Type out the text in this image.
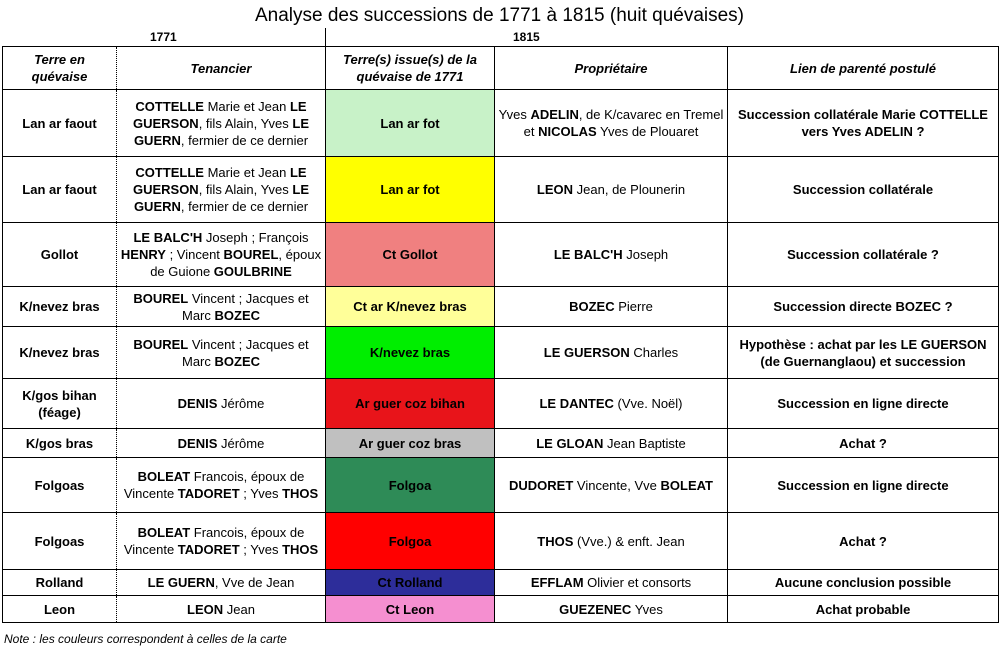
Analyse des successions de 1771 à 1815 (huit quévaises)
1771	1815
Terre en quévaise	Tenancier	Terre(s) issue(s) de la quévaise de 1771	Propriétaire	Lien de parenté postulé
Lan ar faout	COTTELLE Marie et Jean LE GUERSON, fils Alain, Yves LE GUERN, fermier de ce dernier	Lan ar fot	Yves ADELIN, de K/cavarec en Tremel et NICOLAS Yves de Plouaret	Succession collatérale Marie COTTELLE vers Yves ADELIN ?
Lan ar faout	COTTELLE Marie et Jean LE GUERSON, fils Alain, Yves LE GUERN, fermier de ce dernier	Lan ar fot	LEON Jean, de Plounerin	Succession collatérale
Gollot	LE BALC'H Joseph ; François HENRY ; Vincent BOUREL, époux de Guione GOULBRINE	Ct Gollot	LE BALC'H Joseph	Succession collatérale ?
K/nevez bras	BOUREL Vincent ; Jacques et Marc BOZEC	Ct ar K/nevez bras	BOZEC Pierre	Succession directe BOZEC ?
K/nevez bras	BOUREL Vincent ; Jacques et Marc BOZEC	K/nevez bras	LE GUERSON Charles	Hypothèse : achat par les LE GUERSON (de Guernanglaou) et succession
K/gos bihan (féage)	DENIS Jérôme	Ar guer coz bihan	LE DANTEC (Vve. Noël)	Succession en ligne directe
K/gos bras	DENIS Jérôme	Ar guer coz bras	LE GLOAN Jean Baptiste	Achat ?
Folgoas	BOLEAT Francois, époux de Vincente TADORET ; Yves THOS	Folgoa	DUDORET Vincente, Vve BOLEAT	Succession en ligne directe
Folgoas	BOLEAT Francois, époux de Vincente TADORET ; Yves THOS	Folgoa	THOS (Vve.) & enft. Jean	Achat ?
Rolland	LE GUERN, Vve de Jean	Ct Rolland	EFFLAM Olivier et consorts	Aucune conclusion possible
Leon	LEON Jean	Ct Leon	GUEZENEC Yves	Achat probable
Note : les couleurs correspondent à celles de la carte
